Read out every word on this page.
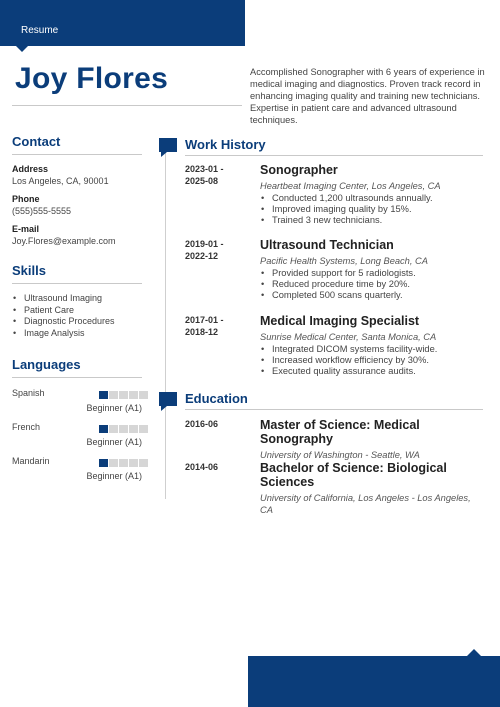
Resume
Joy Flores	Accomplished Sonographer with 6 years of experience in medical imaging and diagnostics. Proven track record in enhancing imaging quality and training new technicians. Expertise in patient care and advanced ultrasound techniques.
Contact
Address
Los Angeles, CA, 90001
Phone
(555)555-5555
E-mail
Joy.Flores@example.com
Skills
• Ultrasound Imaging
• Patient Care
• Diagnostic Procedures
• Image Analysis
Languages
Spanish
Beginner (A1)
French
Beginner (A1)
Mandarin
Beginner (A1)
Work History
2023-01 -
2025-08
Sonographer
Heartbeat Imaging Center, Los Angeles, CA
• Conducted 1,200 ultrasounds annually.
• Improved imaging quality by 15%.
• Trained 3 new technicians.
2019-01 -
2022-12
Ultrasound Technician
Pacific Health Systems, Long Beach, CA
• Provided support for 5 radiologists.
• Reduced procedure time by 20%.
• Completed 500 scans quarterly.
2017-01 -
2018-12
Medical Imaging Specialist
Sunrise Medical Center, Santa Monica, CA
• Integrated DICOM systems facility-wide.
• Increased workflow efficiency by 30%.
• Executed quality assurance audits.
Education
2016-06	Master of Science: Medical Sonography
University of Washington - Seattle, WA
2014-06	Bachelor of Science: Biological Sciences
University of California, Los Angeles - Los Angeles, CA
